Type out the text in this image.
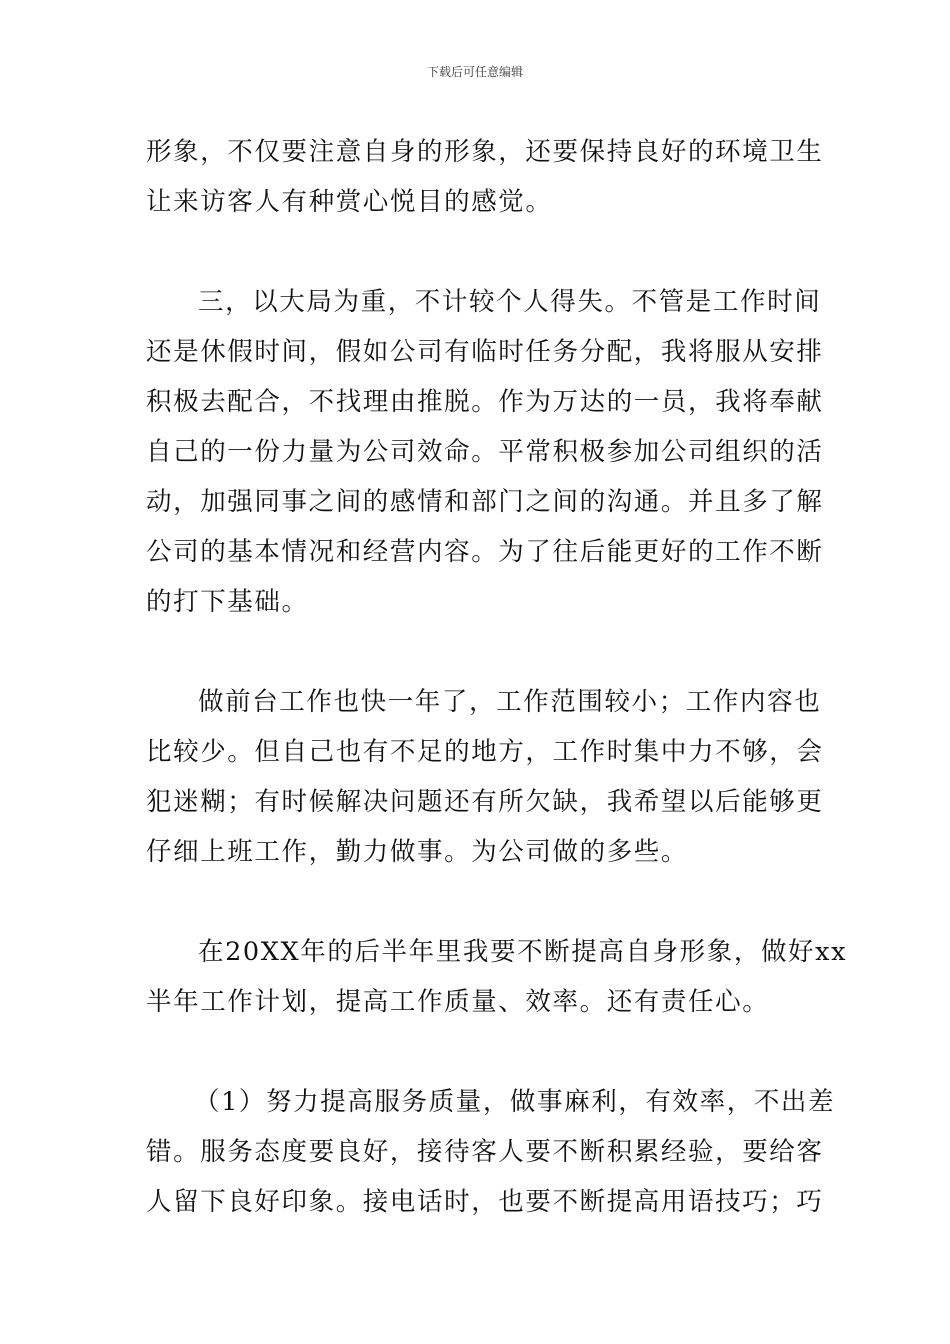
下载后可任意编辑

形象，不仅要注意自身的形象，还要保持良好的环境卫生
让来访客人有种赏心悦目的感觉。

三，以大局为重，不计较个人得失。不管是工作时间
还是休假时间，假如公司有临时任务分配，我将服从安排
积极去配合，不找理由推脱。作为万达的一员，我将奉献
自己的一份力量为公司效命。平常积极参加公司组织的活
动，加强同事之间的感情和部门之间的沟通。并且多了解
公司的基本情况和经营内容。为了往后能更好的工作不断
的打下基础。

做前台工作也快一年了，工作范围较小；工作内容也
比较少。但自己也有不足的地方，工作时集中力不够，会
犯迷糊；有时候解决问题还有所欠缺，我希望以后能够更
仔细上班工作，勤力做事。为公司做的多些。

在20XX年的后半年里我要不断提高自身形象，做好xx
半年工作计划，提高工作质量、效率。还有责任心。

（1）努力提高服务质量，做事麻利，有效率，不出差
错。服务态度要良好，接待客人要不断积累经验，要给客
人留下良好印象。接电话时，也要不断提高用语技巧；巧
